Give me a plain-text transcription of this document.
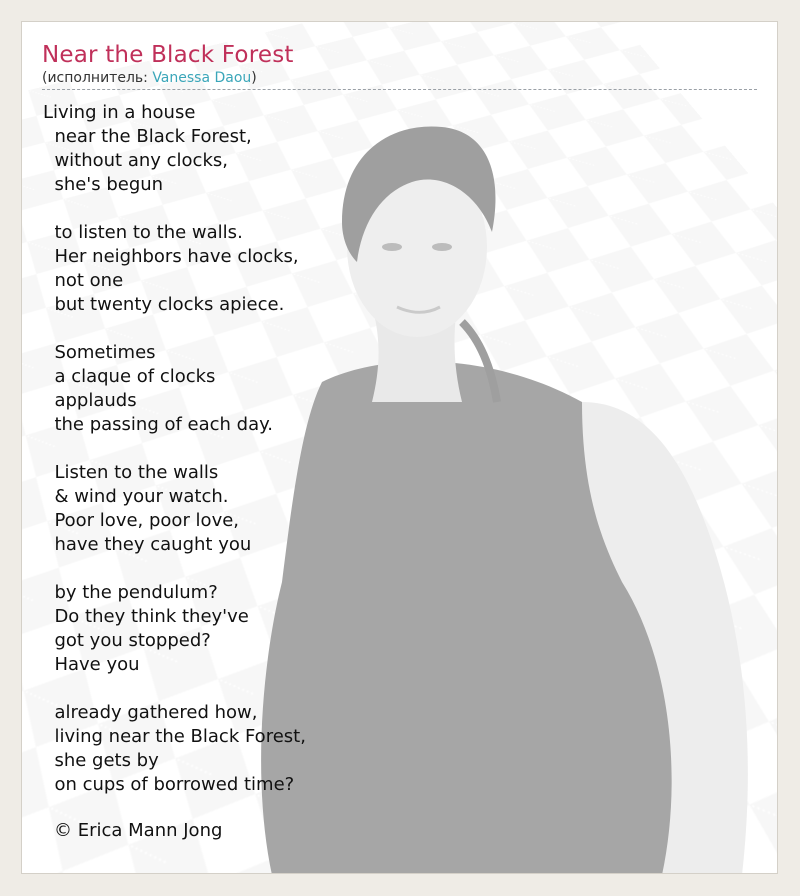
Near the Black Forest
(исполнитель: Vanessa Daou)
Living in a house
near the Black Forest,
without any clocks,
she's begun
to listen to the walls.
Her neighbors have clocks,
not one
but twenty clocks apiece.
Sometimes
a claque of clocks
applauds
the passing of each day.
Listen to the walls
& wind your watch.
Poor love, poor love,
have they caught you
by the pendulum?
Do they think they've
got you stopped?
Have you
already gathered how,
living near the Black Forest,
she gets by
on cups of borrowed time?
© Erica Mann Jong
